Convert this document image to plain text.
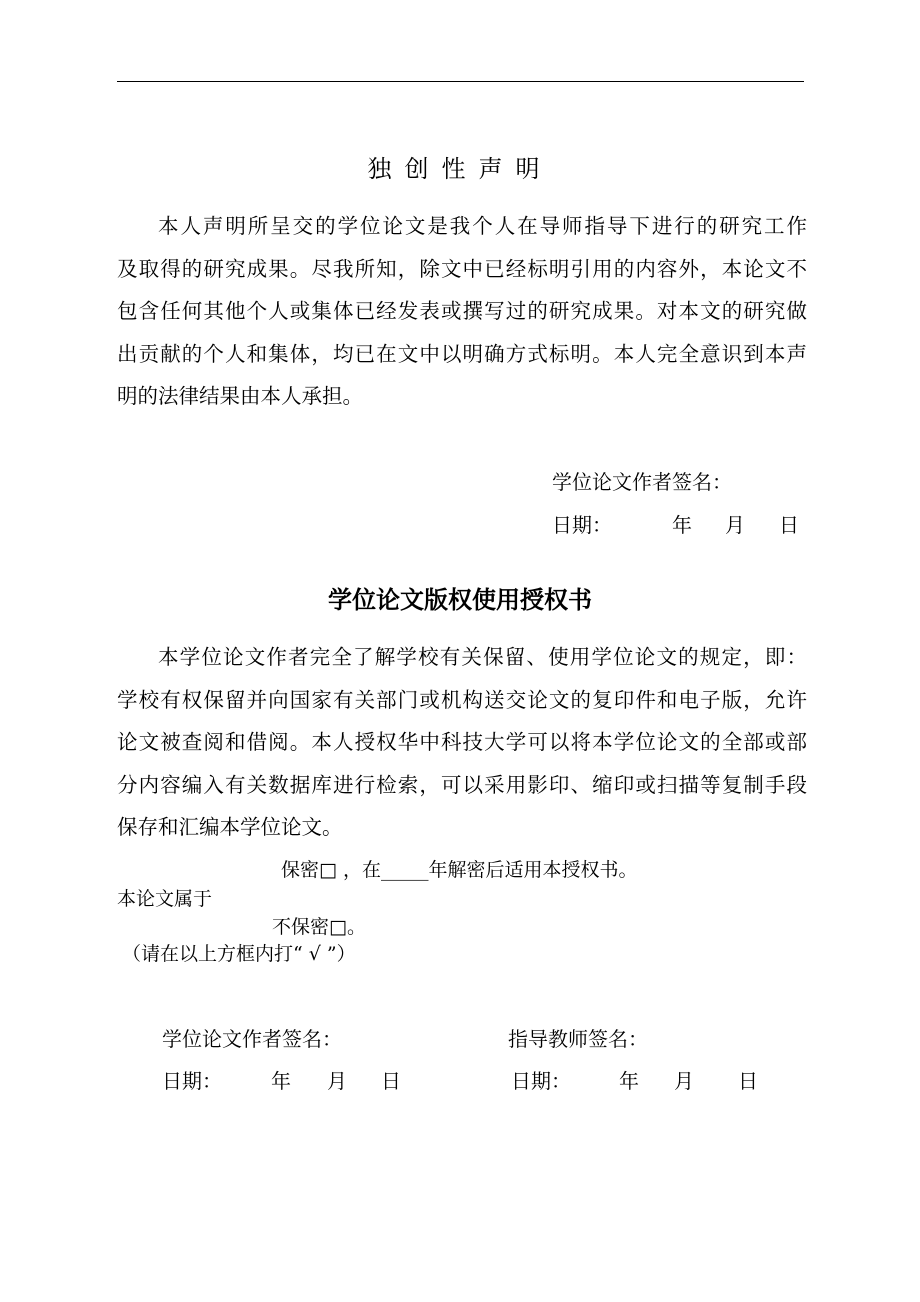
独创性声明
本人声明所呈交的学位论文是我个人在导师指导下进行的研究工作
及取得的研究成果。尽我所知，除文中已经标明引用的内容外，本论文不
包含任何其他个人或集体已经发表或撰写过的研究成果。对本文的研究做
出贡献的个人和集体，均已在文中以明确方式标明。本人完全意识到本声
明的法律结果由本人承担。
学位论文作者签名：
日期：	年 月 日
学位论文版权使用授权书
本学位论文作者完全了解学校有关保留、使用学位论文的规定，即：
学校有权保留并向国家有关部门或机构送交论文的复印件和电子版，允许
论文被查阅和借阅。本人授权华中科技大学可以将本学位论文的全部或部
分内容编入有关数据库进行检索，可以采用影印、缩印或扫描等复制手段
保存和汇编本学位论文。
保密□ ，在_____年解密后适用本授权书。
本论文属于
不保密□。
（请在以上方框内打“ √ ”）
学位论文作者签名：	指导教师签名：
日期： 年 月 日	日期： 年 月 日
